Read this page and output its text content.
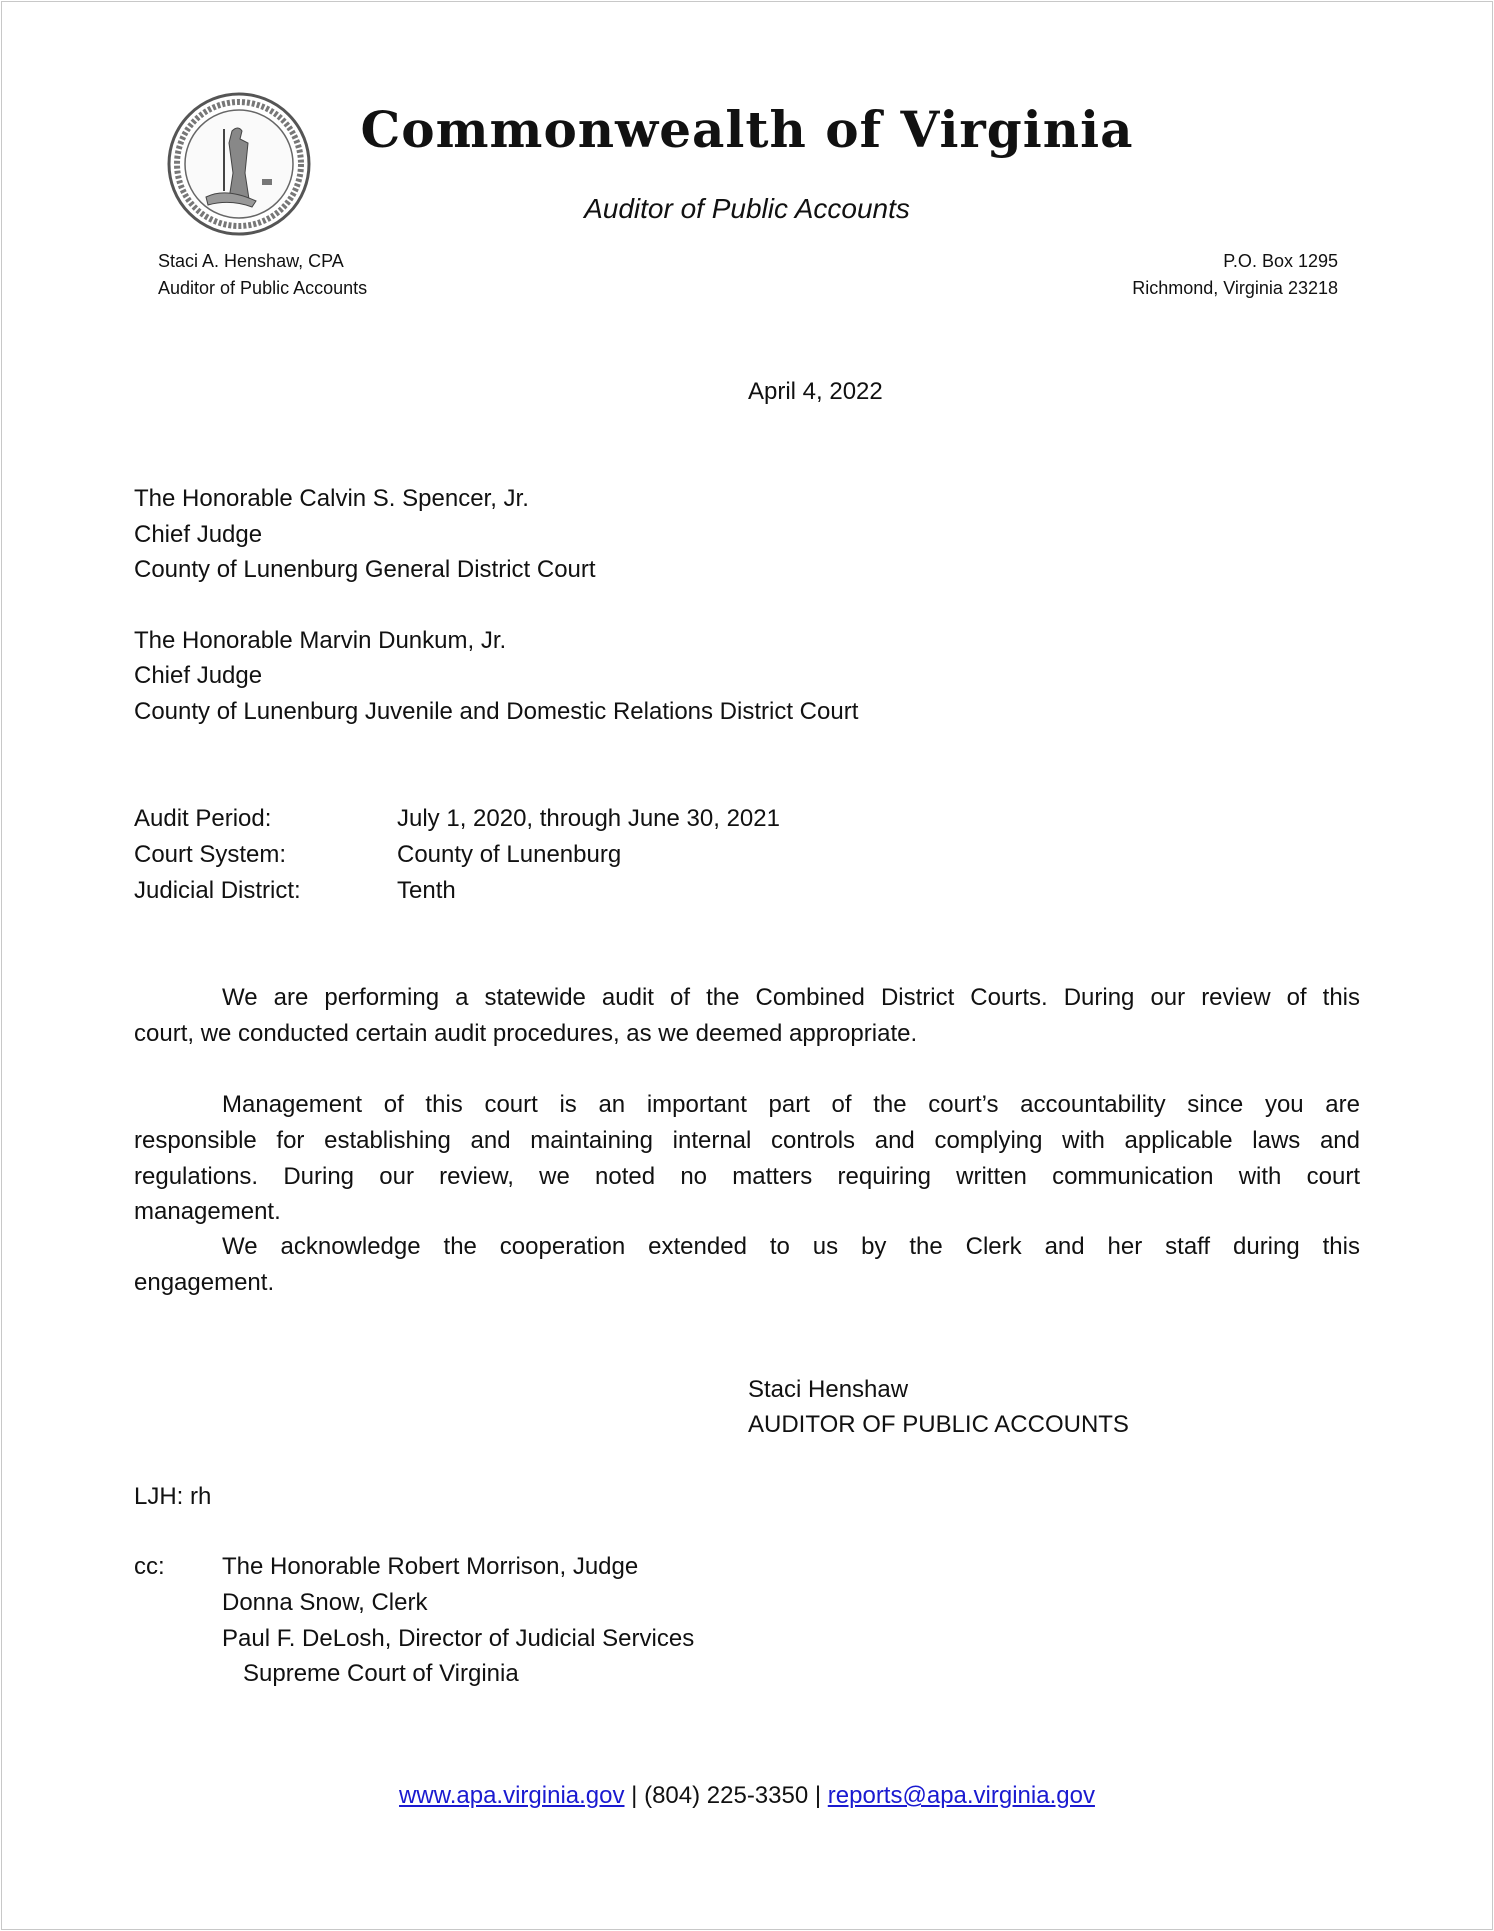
Commonwealth of Virginia
Auditor of Public Accounts
Staci A. Henshaw, CPA
Auditor of Public Accounts
P.O. Box 1295
Richmond, Virginia 23218
April 4, 2022
The Honorable Calvin S. Spencer, Jr.
Chief Judge
County of Lunenburg General District Court
The Honorable Marvin Dunkum, Jr.
Chief Judge
County of Lunenburg Juvenile and Domestic Relations District Court
Audit Period:	July 1, 2020, through June 30, 2021
Court System:	County of Lunenburg
Judicial District:	Tenth
We are performing a statewide audit of the Combined District Courts. During our review of this
court, we conducted certain audit procedures, as we deemed appropriate.
Management of this court is an important part of the court’s accountability since you are
responsible for establishing and maintaining internal controls and complying with applicable laws and
regulations. During our review, we noted no matters requiring written communication with court
management.
We acknowledge the cooperation extended to us by the Clerk and her staff during this
engagement.
Staci Henshaw
AUDITOR OF PUBLIC ACCOUNTS
LJH: rh
cc: The Honorable Robert Morrison, Judge
Donna Snow, Clerk
Paul F. DeLosh, Director of Judicial Services
Supreme Court of Virginia
www.apa.virginia.gov | (804) 225-3350 | reports@apa.virginia.gov
